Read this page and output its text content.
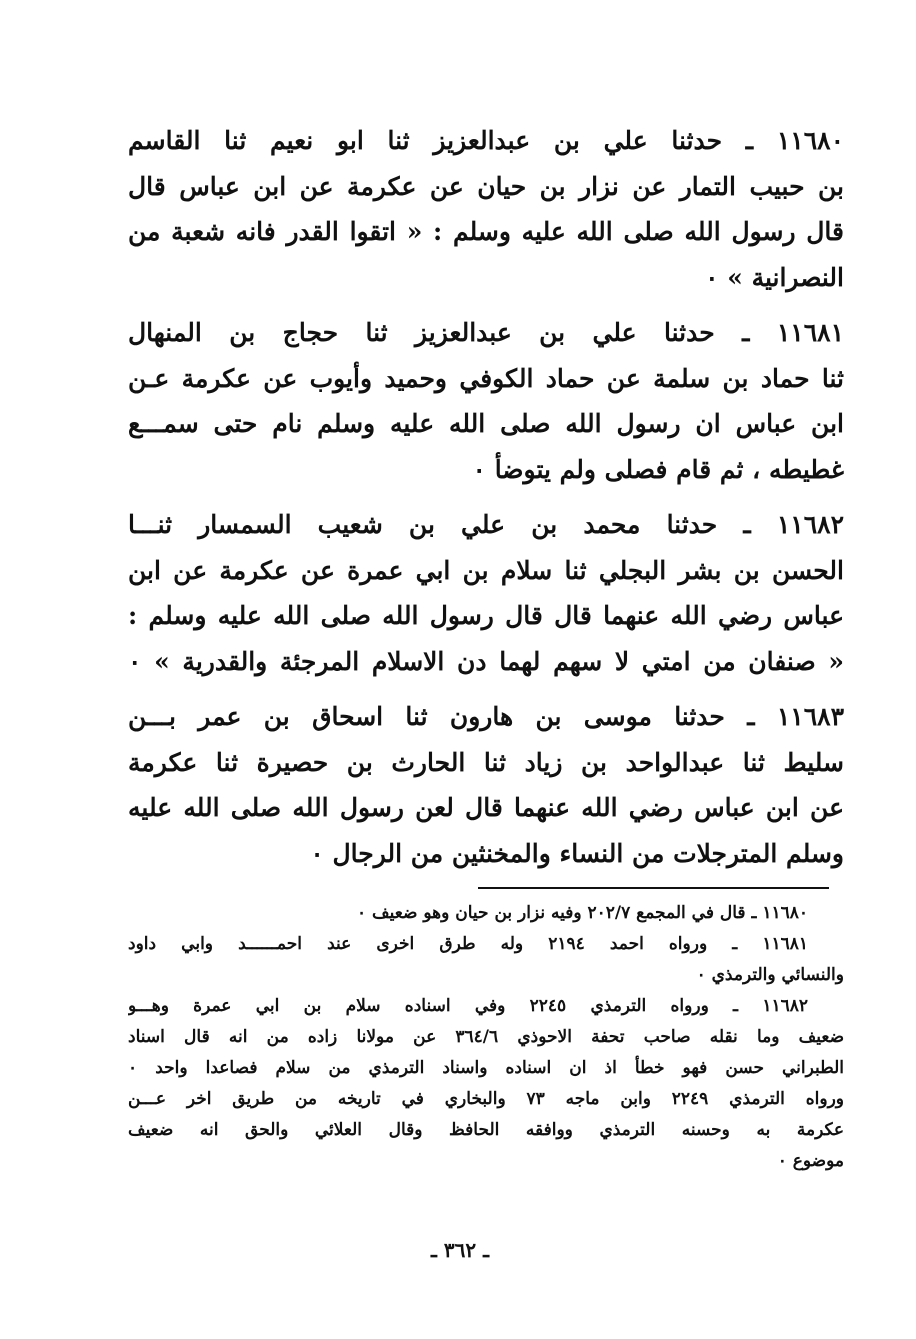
١١٦٨٠ ـ حدثنا علي بن عبدالعزيز ثنا ابو نعيم ثنا القاسم
بن حبيب التمار عن نزار بن حيان عن عكرمة عن ابن عباس قال
قال رسول الله صلى الله عليه وسلم : « اتقوا القدر فانه شعبة من
النصرانية » ٠
١١٦٨١ ـ حدثنا علي بن عبدالعزيز ثنا حجاج بن المنهال
ثنا حماد بن سلمة عن حماد الكوفي وحميد وأيوب عن عكرمة عـن
ابن عباس ان رسول الله صلى الله عليه وسلم نام حتى سمـــع
غطيطه ، ثم قام فصلى ولم يتوضأ ٠
١١٦٨٢ ـ حدثنا محمد بن علي بن شعيب السمسار ثنـــا
الحسن بن بشر البجلي ثنا سلام بن ابي عمرة عن عكرمة عن ابن
عباس رضي الله عنهما قال قال رسول الله صلى الله عليه وسلم :
« صنفان من امتي لا سهم لهما دن الاسلام المرجئة والقدرية » ٠
١١٦٨٣ ـ حدثنا موسى بن هارون ثنا اسحاق بن عمر بـــن
سليط ثنا عبدالواحد بن زياد ثنا الحارث بن حصيرة ثنا عكرمة
عن ابن عباس رضي الله عنهما قال لعن رسول الله صلى الله عليه
وسلم المترجلات من النساء والمخنثين من الرجال ٠
١١٦٨٠ ـ قال في المجمع ٢٠٢/٧ وفيه نزار بن حيان وهو ضعيف ٠
١١٦٨١ ـ ورواه احمد ٢١٩٤ وله طرق اخرى عند احمــــــد وابي داود
والنسائي والترمذي ٠
١١٦٨٢ ـ ورواه الترمذي ٢٢٤٥ وفي اسناده سلام بن ابي عمرة وهـــو
ضعيف وما نقله صاحب تحفة الاحوذي ٣٦٤/٦ عن مولانا زاده من انه قال اسناد
الطبراني حسن فهو خطأ اذ ان اسناده واسناد الترمذي من سلام فصاعدا واحد ٠
ورواه الترمذي ٢٢٤٩ وابن ماجه ٧٣ والبخاري في تاريخه من طريق اخر عـــن
عكرمة به وحسنه الترمذي ووافقه الحافظ وقال العلائي والحق انه ضعيف
موضوع ٠
ـ ٣٦٢ ـ
